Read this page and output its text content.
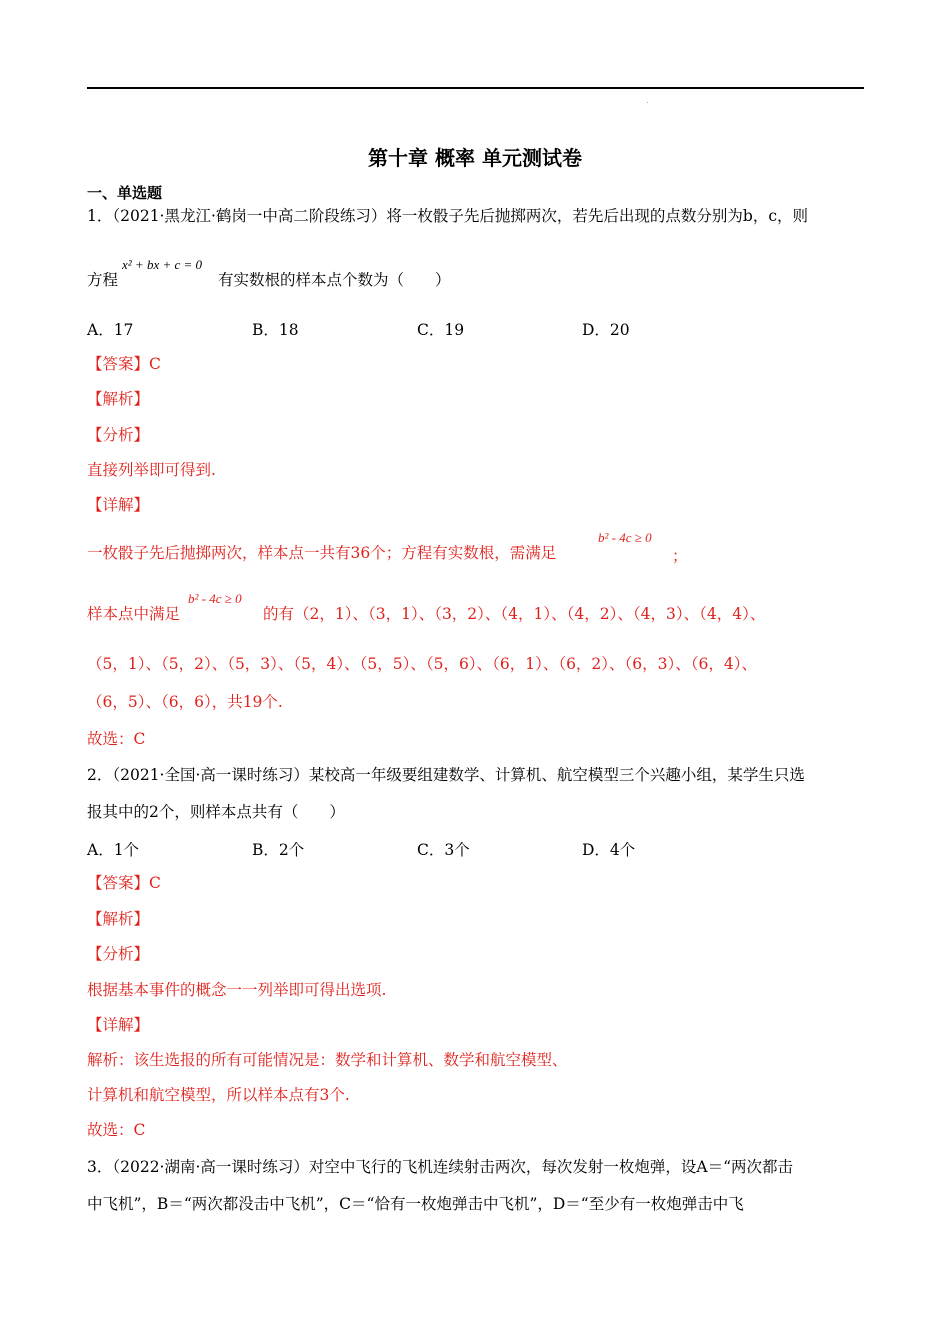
.
第十章 概率 单元测试卷
一、单选题
1．（2021·黑龙江·鹤岗一中高二阶段练习）将一枚骰子先后抛掷两次，若先后出现的点数分别为b，c，则
方程
x² + bx + c = 0
有实数根的样本点个数为（　　）
A．17	B．18	C．19	D．20
【答案】C
【解析】
【分析】
直接列举即可得到.
【详解】
一枚骰子先后抛掷两次，样本点一共有36个；方程有实数根，需满足
b² - 4c ≥ 0
；
样本点中满足
b² - 4c ≥ 0
的有（2，1）、（3，1）、（3，2）、（4，1）、（4，2）、（4，3）、（4，4）、
（5，1）、（5，2）、（5，3）、（5，4）、（5，5）、（5，6）、（6，1）、（6，2）、（6，3）、（6，4）、
（6，5）、（6，6），共19个.
故选：C
2．（2021·全国·高一课时练习）某校高一年级要组建数学、计算机、航空模型三个兴趣小组，某学生只选
报其中的2个，则样本点共有（　　）
A．1个	B．2个	C．3个	D．4个
【答案】C
【解析】
【分析】
根据基本事件的概念一一列举即可得出选项.
【详解】
解析：该生选报的所有可能情况是：数学和计算机、数学和航空模型、
计算机和航空模型，所以样本点有3个.
故选：C
3．（2022·湖南·高一课时练习）对空中飞行的飞机连续射击两次，每次发射一枚炮弹，设A＝“两次都击
中飞机”，B＝“两次都没击中飞机”，C＝“恰有一枚炮弹击中飞机”，D＝“至少有一枚炮弹击中飞
